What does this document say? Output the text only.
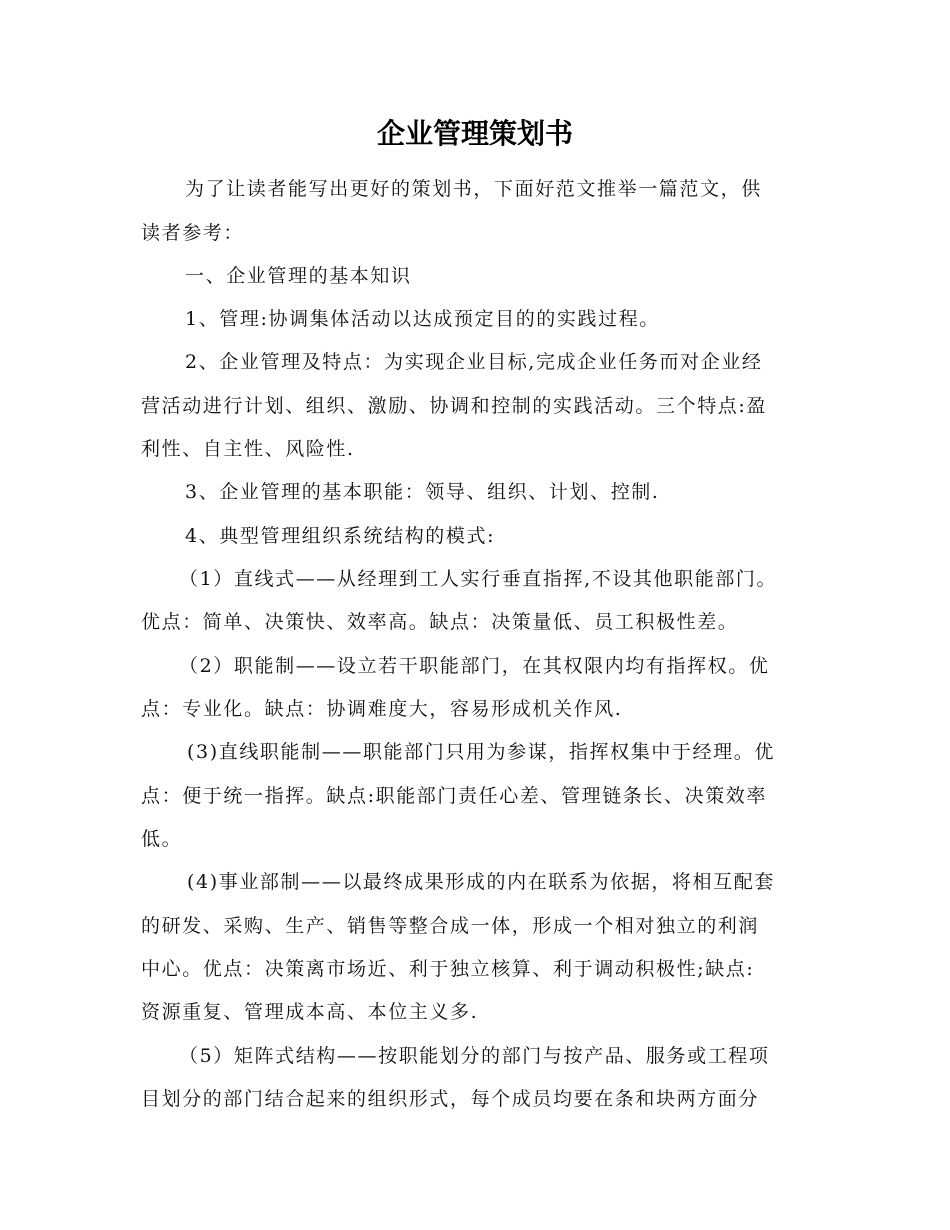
企业管理策划书

为了让读者能写出更好的策划书，下面好范文推举一篇范文，供

读者参考：

一、企业管理的基本知识

1、管理:协调集体活动以达成预定目的的实践过程。

2、企业管理及特点：为实现企业目标,完成企业任务而对企业经

营活动进行计划、组织、激励、协调和控制的实践活动。三个特点:盈

利性、自主性、风险性.

3、企业管理的基本职能：领导、组织、计划、控制.

4、典型管理组织系统结构的模式:

（1）直线式——从经理到工人实行垂直指挥,不设其他职能部门。

优点：简单、决策快、效率高。缺点：决策量低、员工积极性差。

（2）职能制——设立若干职能部门，在其权限内均有指挥权。优

点：专业化。缺点：协调难度大，容易形成机关作风.

(3)直线职能制——职能部门只用为参谋，指挥权集中于经理。优

点：便于统一指挥。缺点:职能部门责任心差、管理链条长、决策效率

低。

(4)事业部制——以最终成果形成的内在联系为依据，将相互配套

的研发、采购、生产、销售等整合成一体，形成一个相对独立的利润

中心。优点：决策离市场近、利于独立核算、利于调动积极性;缺点:

资源重复、管理成本高、本位主义多.

（5）矩阵式结构——按职能划分的部门与按产品、服务或工程项

目划分的部门结合起来的组织形式，每个成员均要在条和块两方面分
